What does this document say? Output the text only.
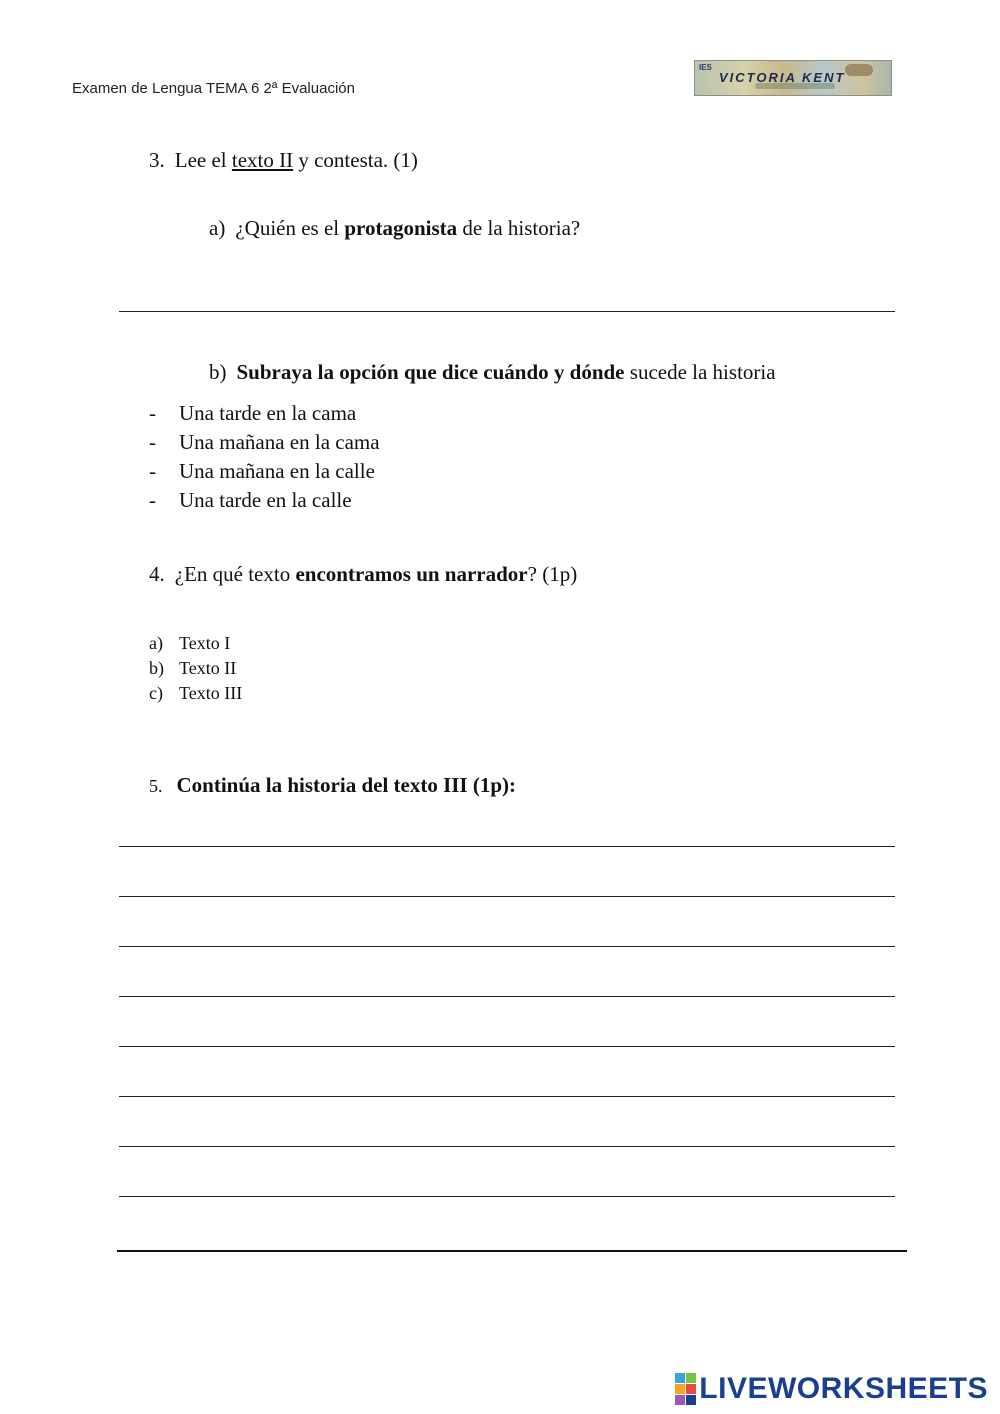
Examen de Lengua TEMA 6 2ª Evaluación
IES
VICTORIA KENT
3. Lee el texto II y contesta. (1)
a) ¿Quién es el protagonista de la historia?
b) Subraya la opción que dice cuándo y dónde sucede la historia
- Una tarde en la cama
- Una mañana en la cama
- Una mañana en la calle
- Una tarde en la calle
4. ¿En qué texto encontramos un narrador? (1p)
a) Texto I
b) Texto II
c) Texto III
5. Continúa la historia del texto III (1p):
LIVEWORKSHEETS
